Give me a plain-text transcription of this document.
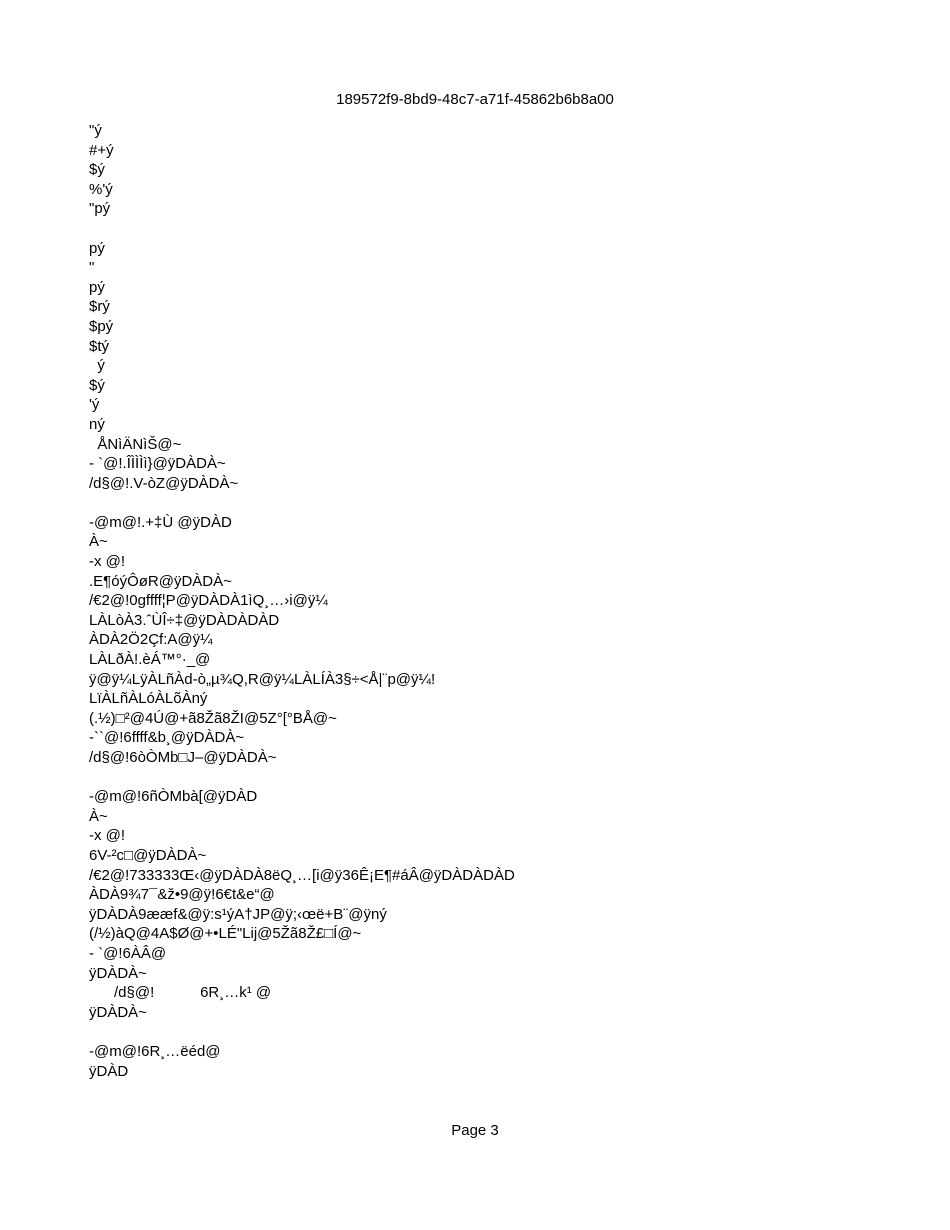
189572f9-8bd9-48c7-a71f-45862b6b8a00
"ý
#+ý
$ý
%'ý
"pý
pý
"
pý
$rý
$pý
$tý
ý
$ý
'ý
ný
ÅNìÄNìŠ@~
- `@!.ÎÌÌÌì}@ÿDÀDÀ~
/d§@!.V-òZ@ÿDÀDÀ~
-@m@!.+‡Ù @ÿDÀD
À~
-x @!
.E¶óýÔøR@ÿDÀDÀ~
/€2@!0gffff¦P@ÿDÀDÀ1ìQ¸…›i@ÿ¼
LÀLòÀ3.ˆÙÎ÷‡@ÿDÀDÀDÀD
ÀDÀ2Ö2Çf:A@ÿ¼
LÀLðÀ!.èÁ™°·_@
ÿ@ÿ¼LÿÀLñÀd-ò„µ¾Q,R@ÿ¼LÀLÍÀ3§÷<Å|¨p@ÿ¼!
LïÀLñÀLóÀLõÀný
(.½)□²@4Ú@+ã8Žã8ŽI@5Z°[°BÅ@~
-``@!6ffff&b¸@ÿDÀDÀ~
/d§@!6òÒMb□J–@ÿDÀDÀ~
-@m@!6ñÒMbà[@ÿDÀD
À~
-x @!
6V-²c□@ÿDÀDÀ~
/€2@!733333Œ‹@ÿDÀDÀ8ëQ¸…[i@ÿ36Ê¡E¶#áÂ@ÿDÀDÀDÀD
ÀDÀ9¾7¯&ž•9@ÿ!6€t&e“@
ÿDÀDÀ9ææf&@ÿ:s¹ýA†JP@ÿ;‹œë+B¨@ÿný
(/½)àQ@4A$Ø@+•LÉ"Lij@5Žã8Ž£□Í@~
- `@!6ÀÂ@
ÿDÀDÀ~
/d§@!           6R¸…k¹ @
ÿDÀDÀ~
-@m@!6R¸…ëéd@
ÿDÀD
Page 3
